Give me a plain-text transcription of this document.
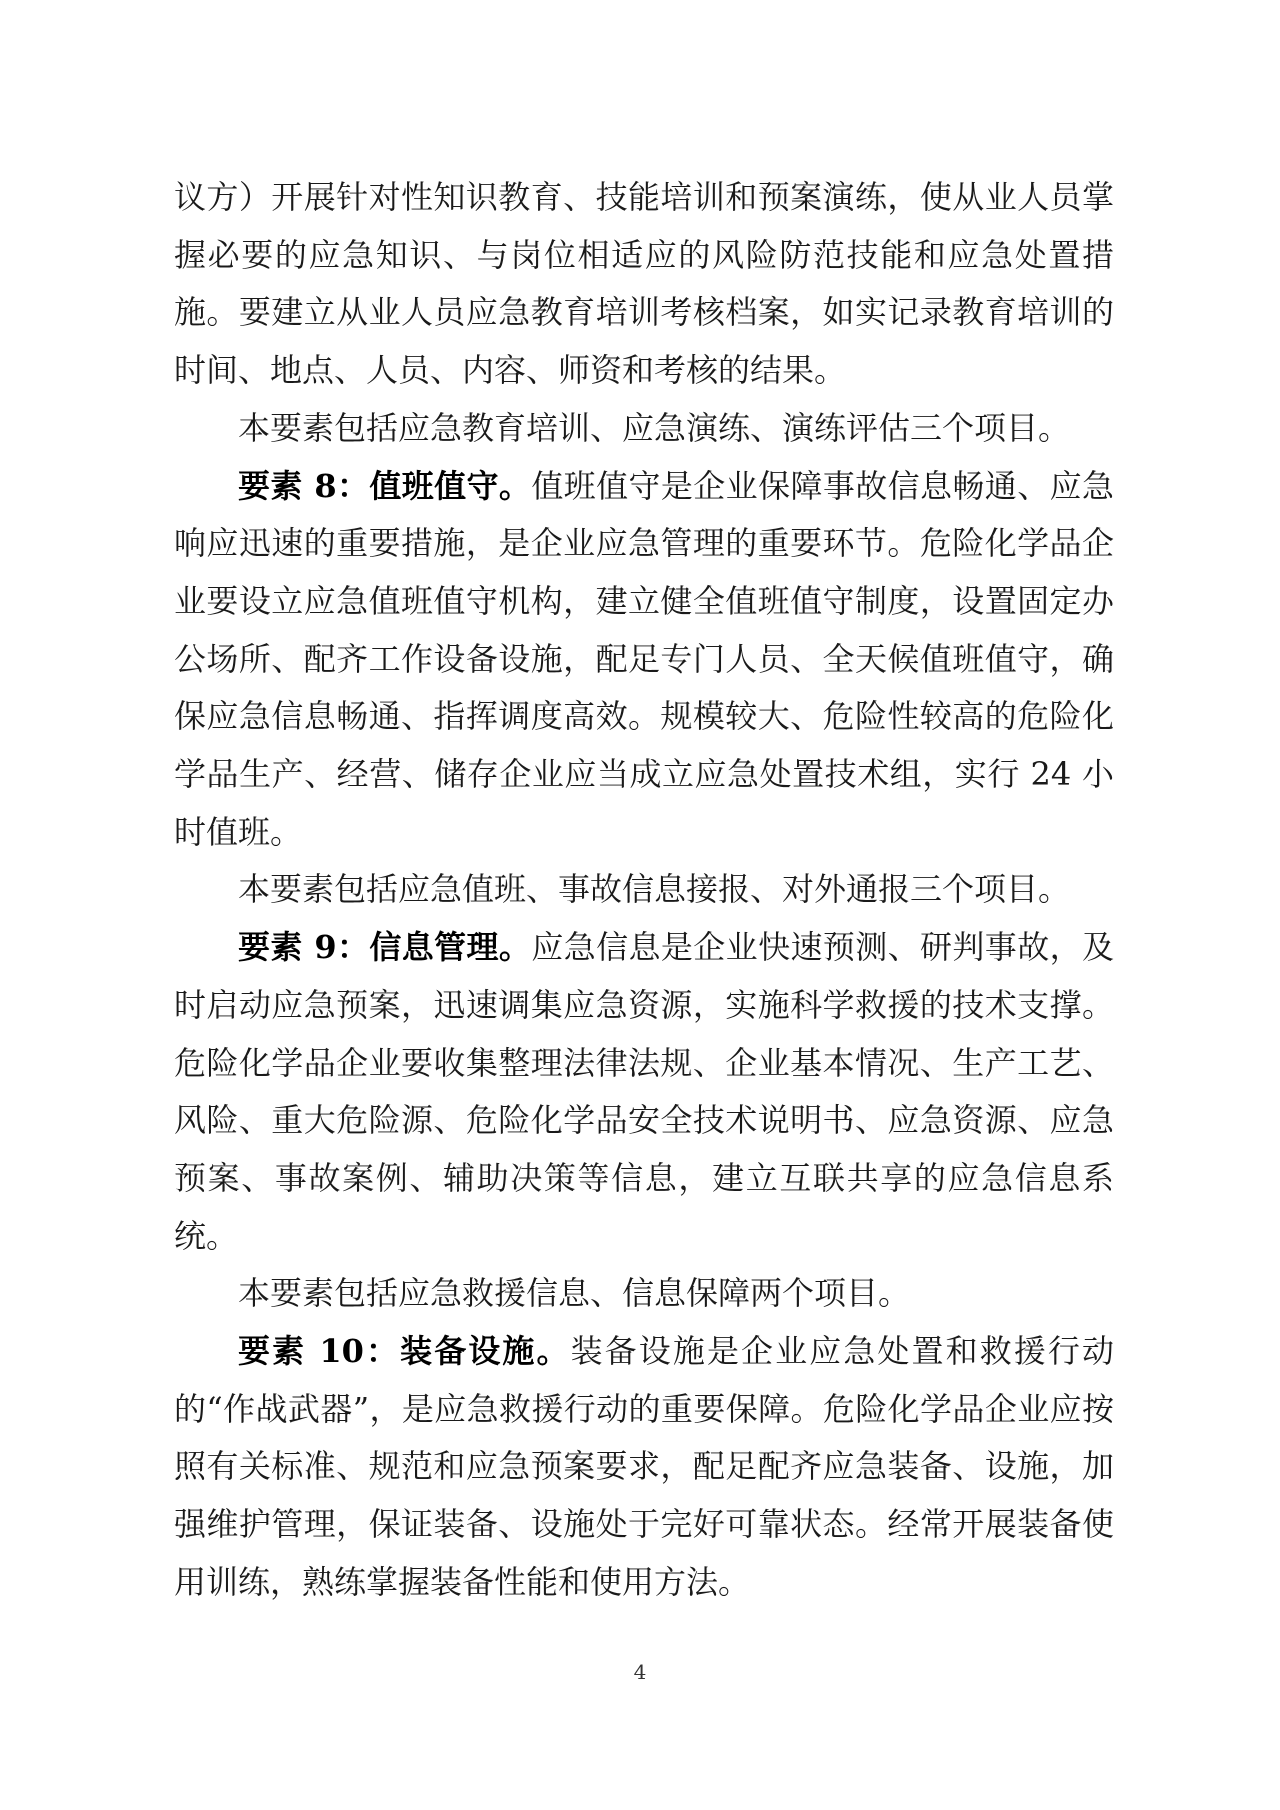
议方）开展针对性知识教育、技能培训和预案演练，使从业人员掌握必要的应急知识、与岗位相适应的风险防范技能和应急处置措施。要建立从业人员应急教育培训考核档案，如实记录教育培训的时间、地点、人员、内容、师资和考核的结果。

本要素包括应急教育培训、应急演练、演练评估三个项目。

要素 8：值班值守。值班值守是企业保障事故信息畅通、应急响应迅速的重要措施，是企业应急管理的重要环节。危险化学品企业要设立应急值班值守机构，建立健全值班值守制度，设置固定办公场所、配齐工作设备设施，配足专门人员、全天候值班值守，确保应急信息畅通、指挥调度高效。规模较大、危险性较高的危险化学品生产、经营、储存企业应当成立应急处置技术组，实行 24 小时值班。

本要素包括应急值班、事故信息接报、对外通报三个项目。

要素 9：信息管理。应急信息是企业快速预测、研判事故，及时启动应急预案，迅速调集应急资源，实施科学救援的技术支撑。危险化学品企业要收集整理法律法规、企业基本情况、生产工艺、风险、重大危险源、危险化学品安全技术说明书、应急资源、应急预案、事故案例、辅助决策等信息，建立互联共享的应急信息系统。

本要素包括应急救援信息、信息保障两个项目。

要素 10：装备设施。装备设施是企业应急处置和救援行动的“作战武器”，是应急救援行动的重要保障。危险化学品企业应按照有关标准、规范和应急预案要求，配足配齐应急装备、设施，加强维护管理，保证装备、设施处于完好可靠状态。经常开展装备使用训练，熟练掌握装备性能和使用方法。

4
